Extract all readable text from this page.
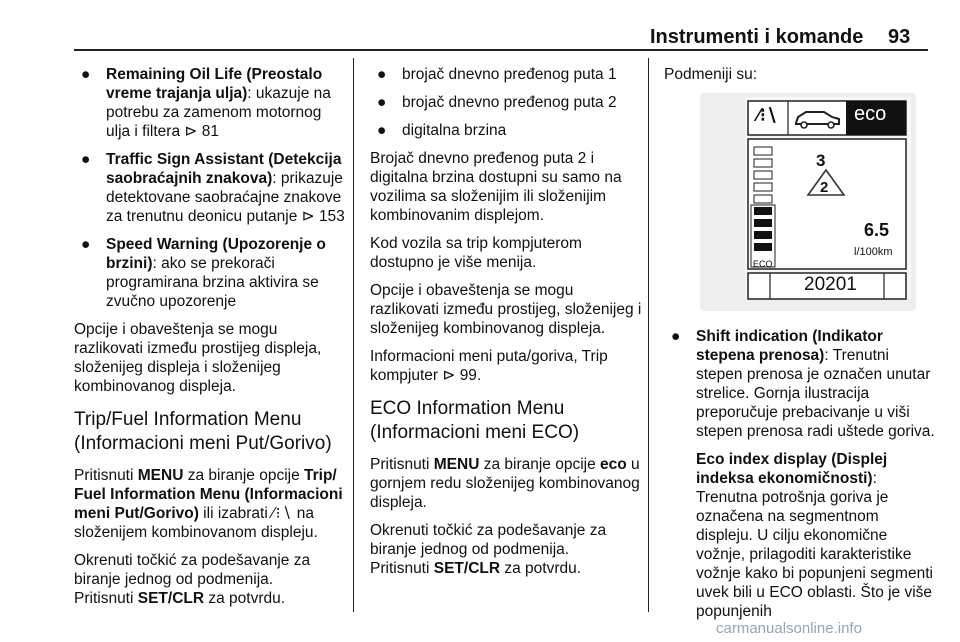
Instrumenti i komande 93
● Remaining Oil Life (Preostalo vreme trajanja ulja): ukazuje na potrebu za zamenom motornog ulja i filtera ⊳ 81
● Traffic Sign Assistant (Detekcija saobraćajnih znakova): prikazuje detektovane saobraćajne znakove za trenutnu deonicu putanje ⊳ 153
● Speed Warning (Upozorenje o brzini): ako se prekorači programirana brzina aktivira se zvučno upozorenje

Opcije i obaveštenja se mogu razlikovati između prostijeg displeja, složenijeg displeja i složenijeg kombinovanog displeja.

Trip/Fuel Information Menu (Informacioni meni Put/Gorivo)

Pritisnuti MENU za biranje opcije Trip/ Fuel Information Menu (Informacioni meni Put/Gorivo) ili izabrati ⁄⁝∖ na složenijem kombinovanom displeju.

Okrenuti točkić za podešavanje za biranje jednog od podmenija.
Pritisnuti SET/CLR za potvrdu.

● brojač dnevno pređenog puta 1
● brojač dnevno pređenog puta 2
● digitalna brzina

Brojač dnevno pređenog puta 2 i digitalna brzina dostupni su samo na vozilima sa složenijim ili složenijim kombinovanim displejom.

Kod vozila sa trip kompjuterom dostupno je više menija.

Opcije i obaveštenja se mogu razlikovati između prostijeg, složenijeg i složenijeg kombinovanog displeja.

Informacioni meni puta/goriva, Trip kompjuter ⊳ 99.

ECO Information Menu (Informacioni meni ECO)

Pritisnuti MENU za biranje opcije eco u gornjem redu složenijeg kombinovanog displeja.

Okrenuti točkić za podešavanje za biranje jednog od podmenija.
Pritisnuti SET/CLR za potvrdu.

Podmeniji su:

⁄⁝∖	eco
3
2
6.5
l/100km
ECO
20201
● Shift indication (Indikator stepena prenosa): Trenutni stepen prenosa je označen unutar strelice. Gornja ilustracija preporučuje prebacivanje u viši stepen prenosa radi uštede goriva.
Eco index display (Displej indeksa ekonomičnosti): Trenutna potrošnja goriva je označena na segmentnom displeju. U cilju ekonomične vožnje, prilagoditi karakteristike vožnje kako bi popunjeni segmenti uvek bili u ECO oblasti. Što je više popunjenih
carmanualsonline.info
